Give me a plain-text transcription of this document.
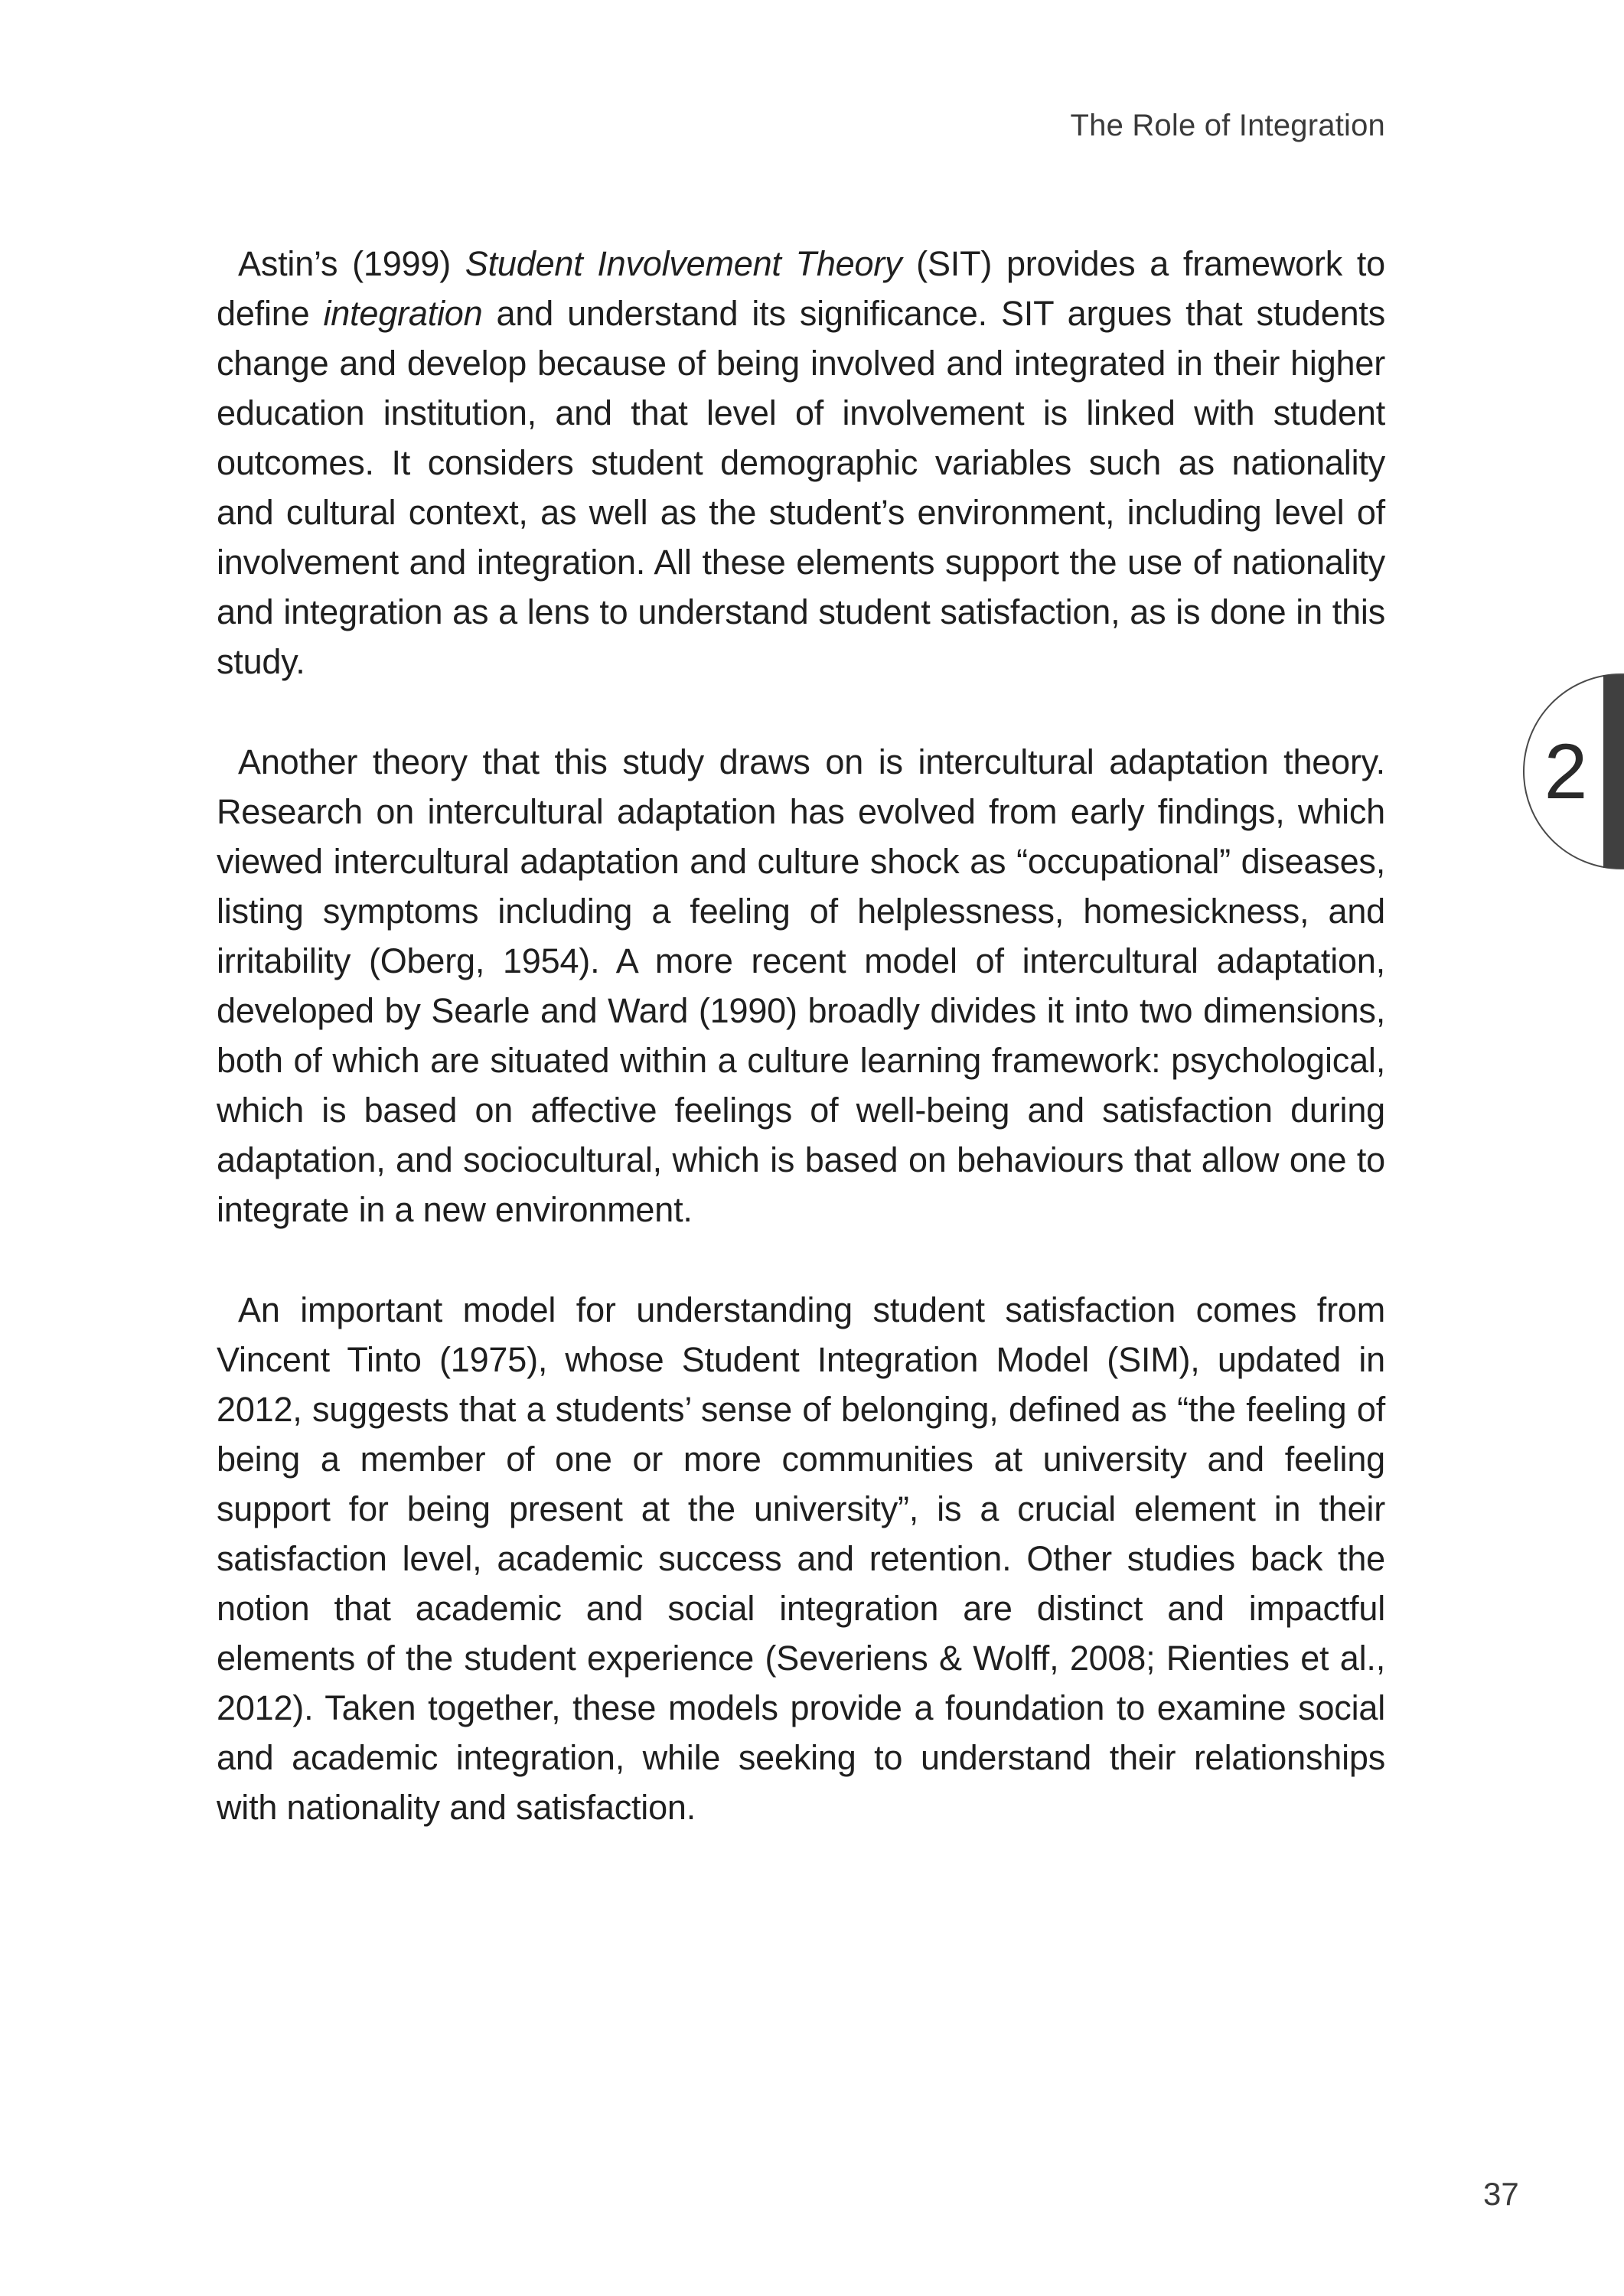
The Role of Integration

Astin’s (1999) Student Involvement Theory (SIT) provides a framework to define integration and understand its significance. SIT argues that students change and develop because of being involved and integrated in their higher education institution, and that level of involvement is linked with student outcomes. It considers student demographic variables such as nationality and cultural context, as well as the student’s environment, including level of involvement and integration. All these elements support the use of nationality and integration as a lens to understand student satisfaction, as is done in this study.

Another theory that this study draws on is intercultural adaptation theory. Research on intercultural adaptation has evolved from early findings, which viewed intercultural adaptation and culture shock as “occupational” diseases, listing symptoms including a feeling of helplessness, homesickness, and irritability (Oberg, 1954). A more recent model of intercultural adaptation, developed by Searle and Ward (1990) broadly divides it into two dimensions, both of which are situated within a culture learning framework: psychological, which is based on affective feelings of well-being and satisfaction during adaptation, and sociocultural, which is based on behaviours that allow one to integrate in a new environment.

An important model for understanding student satisfaction comes from Vincent Tinto (1975), whose Student Integration Model (SIM), updated in 2012, suggests that a students’ sense of belonging, defined as “the feeling of being a member of one or more communities at university and feeling support for being present at the university”, is a crucial element in their satisfaction level, academic success and retention. Other studies back the notion that academic and social integration are distinct and impactful elements of the student experience (Severiens & Wolff, 2008; Rienties et al., 2012). Taken together, these models provide a foundation to examine social and academic integration, while seeking to understand their relationships with nationality and satisfaction.

2
37
